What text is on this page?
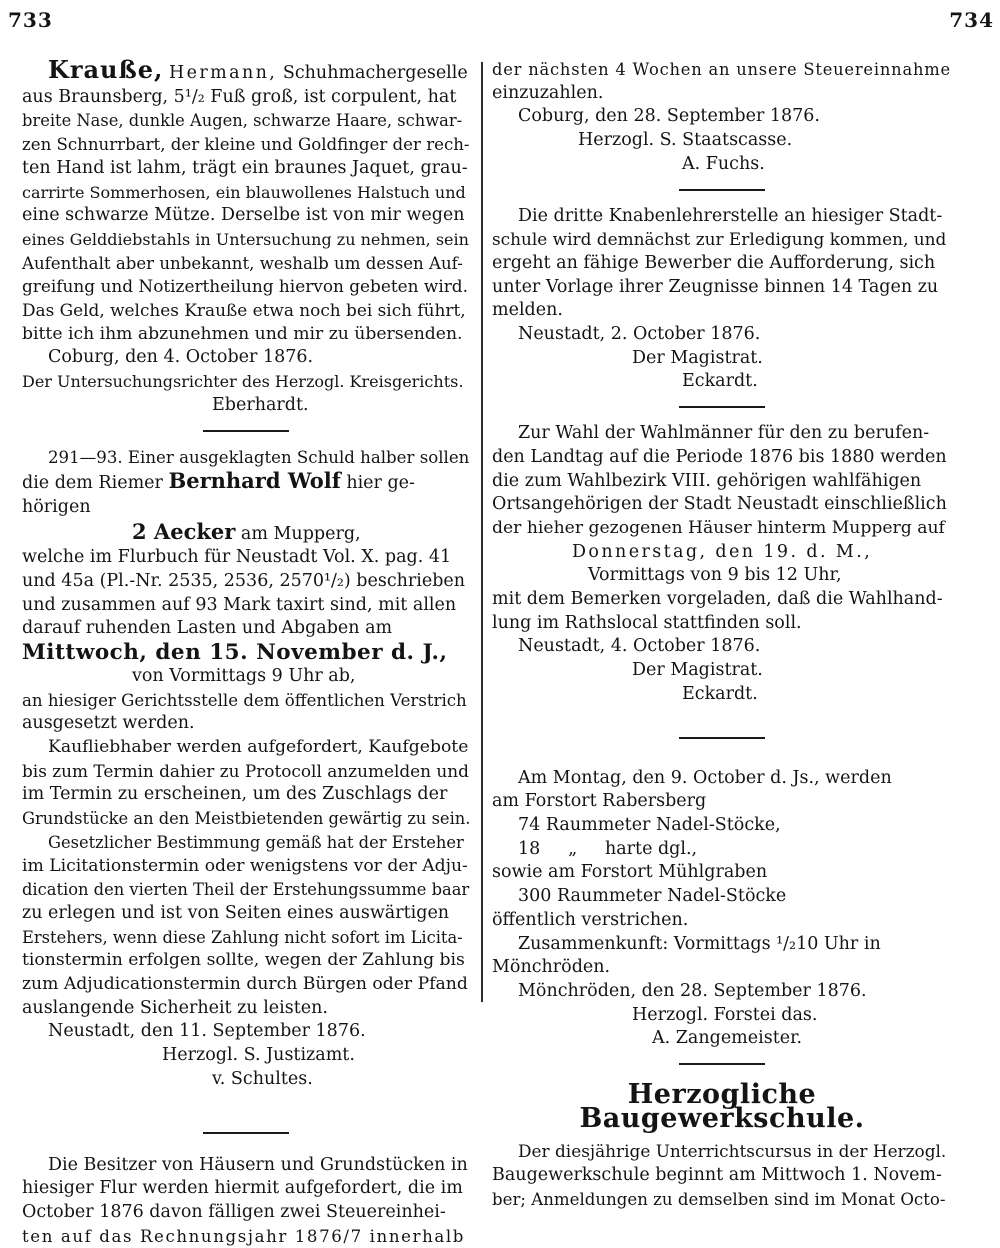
733	734

Krauße, Hermann, Schuhmachergeselle

aus Braunsberg, 5¹/₂ Fuß groß, ist corpulent, hat

breite Nase, dunkle Augen, schwarze Haare, schwar-

zen Schnurrbart, der kleine und Goldfinger der rech-

ten Hand ist lahm, trägt ein braunes Jaquet, grau-

carrirte Sommerhosen, ein blauwollenes Halstuch und

eine schwarze Mütze. Derselbe ist von mir wegen

eines Gelddiebstahls in Untersuchung zu nehmen, sein

Aufenthalt aber unbekannt, weshalb um dessen Auf-

greifung und Notizertheilung hiervon gebeten wird.

Das Geld, welches Krauße etwa noch bei sich führt,

bitte ich ihm abzunehmen und mir zu übersenden.

Coburg, den 4. October 1876.

Der Untersuchungsrichter des Herzogl. Kreisgerichts.

Eberhardt.

291—93. Einer ausgeklagten Schuld halber sollen

die dem Riemer Bernhard Wolf hier ge-

hörigen

2 Aecker am Mupperg,

welche im Flurbuch für Neustadt Vol. X. pag. 41

und 45a (Pl.-Nr. 2535, 2536, 2570¹/₂) beschrieben

und zusammen auf 93 Mark taxirt sind, mit allen

darauf ruhenden Lasten und Abgaben am

Mittwoch, den 15. November d. J.,

von Vormittags 9 Uhr ab,

an hiesiger Gerichtsstelle dem öffentlichen Verstrich

ausgesetzt werden.

Kaufliebhaber werden aufgefordert, Kaufgebote

bis zum Termin dahier zu Protocoll anzumelden und

im Termin zu erscheinen, um des Zuschlags der

Grundstücke an den Meistbietenden gewärtig zu sein.

Gesetzlicher Bestimmung gemäß hat der Ersteher

im Licitationstermin oder wenigstens vor der Adju-

dication den vierten Theil der Erstehungssumme baar

zu erlegen und ist von Seiten eines auswärtigen

Erstehers, wenn diese Zahlung nicht sofort im Licita-

tionstermin erfolgen sollte, wegen der Zahlung bis

zum Adjudicationstermin durch Bürgen oder Pfand

auslangende Sicherheit zu leisten.

Neustadt, den 11. September 1876.

Herzogl. S. Justizamt.

v. Schultes.

Die Besitzer von Häusern und Grundstücken in

hiesiger Flur werden hiermit aufgefordert, die im

October 1876 davon fälligen zwei Steuereinhei-

ten auf das Rechnungsjahr 1876/7 innerhalb

der nächsten 4 Wochen an unsere Steuereinnahme

einzuzahlen.

Coburg, den 28. September 1876.

Herzogl. S. Staatscasse.

A. Fuchs.

Die dritte Knabenlehrerstelle an hiesiger Stadt-

schule wird demnächst zur Erledigung kommen, und

ergeht an fähige Bewerber die Aufforderung, sich

unter Vorlage ihrer Zeugnisse binnen 14 Tagen zu

melden.

Neustadt, 2. October 1876.

Der Magistrat.

Eckardt.

Zur Wahl der Wahlmänner für den zu berufen-

den Landtag auf die Periode 1876 bis 1880 werden

die zum Wahlbezirk VIII. gehörigen wahlfähigen

Ortsangehörigen der Stadt Neustadt einschließlich

der hieher gezogenen Häuser hinterm Mupperg auf

Donnerstag, den 19. d. M.,

Vormittags von 9 bis 12 Uhr,

mit dem Bemerken vorgeladen, daß die Wahlhand-

lung im Rathslocal stattfinden soll.

Neustadt, 4. October 1876.

Der Magistrat.

Eckardt.

Am Montag, den 9. October d. Js., werden

am Forstort Rabersberg

74 Raummeter Nadel-Stöcke,

18     „     harte dgl.,

sowie am Forstort Mühlgraben

300 Raummeter Nadel-Stöcke

öffentlich verstrichen.

Zusammenkunft: Vormittags ¹/₂10 Uhr in

Mönchröden.

Mönchröden, den 28. September 1876.

Herzogl. Forstei das.

A. Zangemeister.

Herzogliche Baugewerkschule.

Der diesjährige Unterrichtscursus in der Herzogl.

Baugewerkschule beginnt am Mittwoch 1. Novem-

ber; Anmeldungen zu demselben sind im Monat Octo-
